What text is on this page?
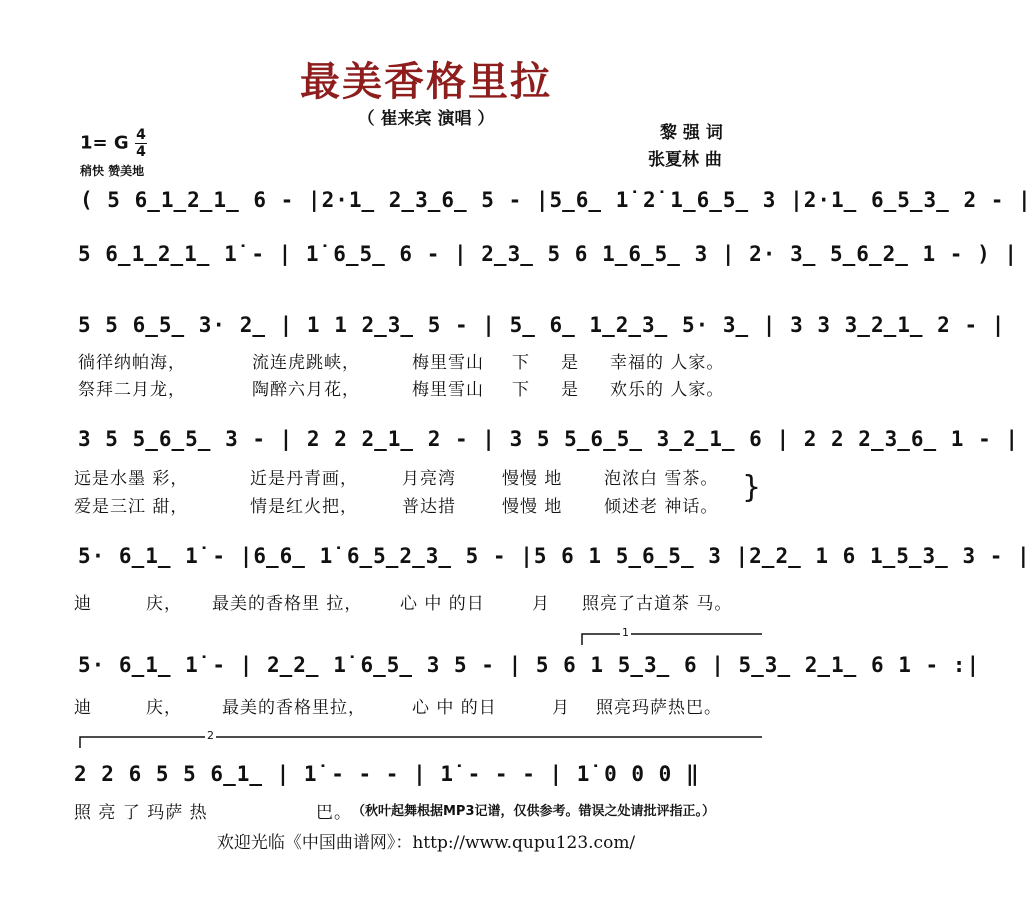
最美香格里拉
（ 崔来宾 演唱 ）
黎 强 词
张夏林 曲
1= G $\frac{4}{4}$
稍快 赞美地
( 5 6̲1̲2̲1̲ 6 - |2·1̲ 2̲3̲6̲ 5 - |5̲6̲ 1̇ 2̇ 1̲6̲5̲ 3 |2·1̲ 6̲5̲3̲ 2 - |
5 6̲1̲2̲1̲ 1̇ - | 1̇ 6̲5̲ 6 - | 2̲3̲ 5 6 1̲6̲5̲ 3 | 2· 3̲ 5̲6̲2̲ 1 - ) |
5 5 6̲5̲ 3· 2̲ | 1 1 2̲3̲ 5 - | 5̲ 6̲ 1̲2̲3̲ 5· 3̲ | 3 3 3̲2̲1̲ 2 - |
徜徉纳帕海，	流连虎跳峡，	梅里雪山 下 是 幸福的 人家。
祭拜二月龙，	陶醉六月花，	梅里雪山 下 是 欢乐的 人家。
3 5 5̲6̲5̲ 3 - | 2 2 2̲1̲ 2 - | 3 5 5̲6̲5̲ 3̲2̲1̲ 6 | 2 2 2̲3̲6̲ 1 - |
远是水墨 彩，	近是丹青画，	月亮湾	慢慢 地 泡浓白 雪茶。
爱是三江 甜，	情是红火把，	普达措	慢慢 地 倾述老 神话。
}
5· 6̲1̲ 1̇ - |6̲6̲ 1̇ 6̲5̲2̲3̲ 5 - |5 6 1 5̲6̲5̲ 3 |2̲2̲ 1 6 1̲5̲3̲ 3 - |
迪	庆， 最美的香格里 拉， 心 中 的日	月 照亮了古道茶 马。
5· 6̲1̲ 1̇ - | 2̲2̲ 1̇ 6̲5̲ 3 5 - | 5 6 1 5̲3̲ 6 | 5̲3̲ 2̲1̲ 6 1 - :|
迪	庆， 最美的香格里拉，	心 中 的日	月 照亮玛萨热巴。
2 2 6 5 5 6̲1̲ | 1̇ - - - | 1̇ - - - | 1̇ 0 0 0 ‖
照 亮 了 玛萨 热	巴。 （秋叶起舞根据MP3记谱，仅供参考。错误之处请批评指正。）
1
2
欢迎光临《中国曲谱网》：http://www.qupu123.com/
